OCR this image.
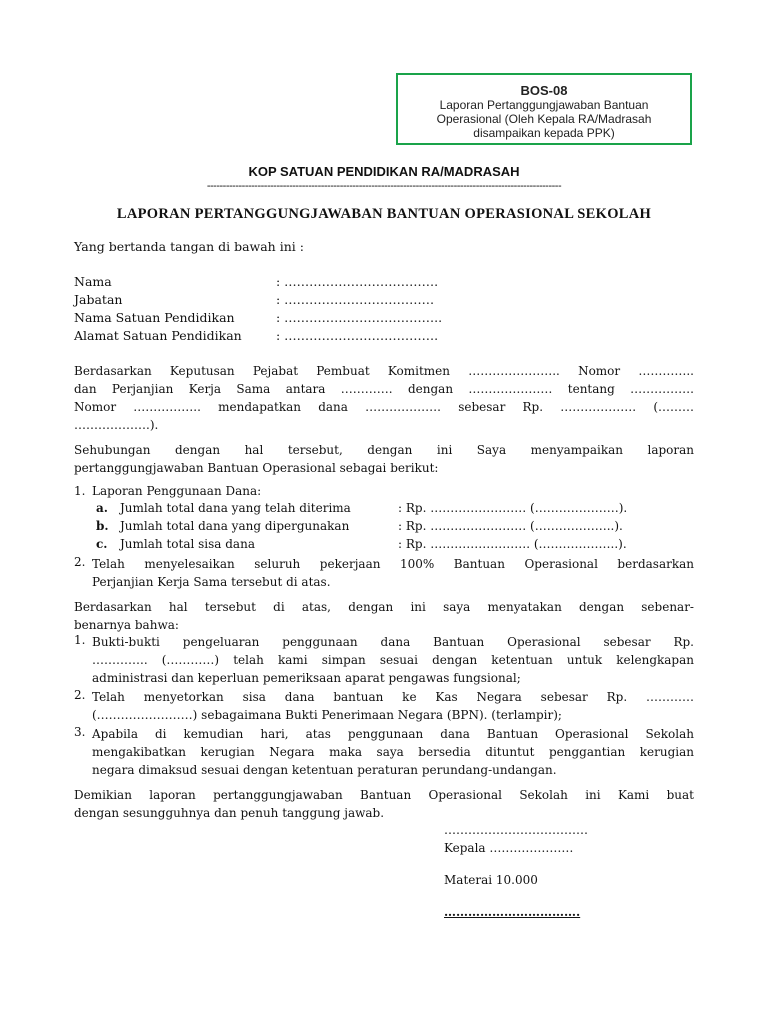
BOS-08
Laporan Pertanggungjawaban Bantuan
Operasional (Oleh Kepala RA/Madrasah
disampaikan kepada PPK)
KOP SATUAN PENDIDIKAN RA/MADRASAH
----------------------------------------------------------------------------------------------------------------
LAPORAN PERTANGGUNGJAWABAN BANTUAN OPERASIONAL SEKOLAH
Yang bertanda tangan di bawah ini :
Nama	: ……………………………….
Jabatan	: ………………………………
Nama Satuan Pendidikan	: ………………………………..
Alamat Satuan Pendidikan	: ……………………………….
Berdasarkan Keputusan Pejabat Pembuat Komitmen ………………….. Nomor …………..
dan Perjanjian Kerja Sama antara …………. dengan ………………… tentang …………….
Nomor …………….. mendapatkan dana ………………. sebesar Rp. ………………. (………
……………….).
Sehubungan dengan hal tersebut, dengan ini Saya menyampaikan laporan
pertanggungjawaban Bantuan Operasional sebagai berikut:
1. Laporan Penggunaan Dana:
a. Jumlah total dana yang telah diterima	: Rp. …………………… (…………………).
b. Jumlah total dana yang dipergunakan	: Rp. …………………… (………………..).
c. Jumlah total sisa dana	: Rp. ……………………. (………………..).
2. Telah menyelesaikan seluruh pekerjaan 100% Bantuan Operasional berdasarkan
Perjanjian Kerja Sama tersebut di atas.
Berdasarkan hal tersebut di atas, dengan ini saya menyatakan dengan sebenar-
benarnya bahwa:
1. Bukti-bukti pengeluaran penggunaan dana Bantuan Operasional sebesar Rp.
………….. (…………) telah kami simpan sesuai dengan ketentuan untuk kelengkapan
administrasi dan keperluan pemeriksaan aparat pengawas fungsional;
2. Telah menyetorkan sisa dana bantuan ke Kas Negara sebesar Rp. …………
(……………………) sebagaimana Bukti Penerimaan Negara (BPN). (terlampir);
3. Apabila di kemudian hari, atas penggunaan dana Bantuan Operasional Sekolah
mengakibatkan kerugian Negara maka saya bersedia dituntut penggantian kerugian
negara dimaksud sesuai dengan ketentuan peraturan perundang-undangan.
Demikian laporan pertanggungjawaban Bantuan Operasional Sekolah ini Kami buat
dengan sesungguhnya dan penuh tanggung jawab.
………………………………
Kepala …………………
Materai 10.000
…………………………….
